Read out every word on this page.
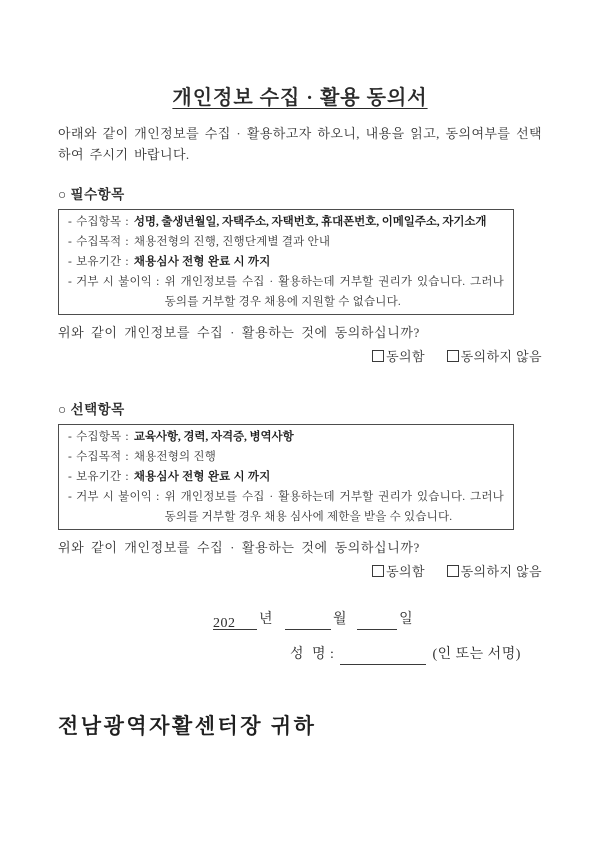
개인정보 수집 · 활용 동의서

아래와 같이 개인정보를 수집 · 활용하고자 하오니, 내용을 읽고, 동의여부를 선택하여 주시기 바랍니다.

○ 필수항목
- 수집항목 : 성명, 출생년월일, 자택주소, 자택번호, 휴대폰번호, 이메일주소, 자기소개
- 수집목적 : 채용전형의 진행, 진행단계별 결과 안내
- 보유기간 : 채용심사 전형 완료 시 까지
- 거부 시 불이익 : 위 개인정보를 수집 · 활용하는데 거부할 권리가 있습니다. 그러나 동의를 거부할 경우 채용에 지원할 수 없습니다.

위와 같이 개인정보를 수집 · 활용하는 것에 동의하십니까?

동의함	동의하지 않음
○ 선택항목
- 수집항목 : 교육사항, 경력, 자격증, 병역사항
- 수집목적 : 채용전형의 진행
- 보유기간 : 채용심사 전형 완료 시 까지
- 거부 시 불이익 : 위 개인정보를 수집 · 활용하는데 거부할 권리가 있습니다. 그러나 동의를 거부할 경우 채용 심사에 제한을 받을 수 있습니다.

위와 같이 개인정보를 수집 · 활용하는 것에 동의하십니까?

동의함	동의하지 않음
202 년	월	일
성  명 :	(인 또는 서명)
전남광역자활센터장 귀하
